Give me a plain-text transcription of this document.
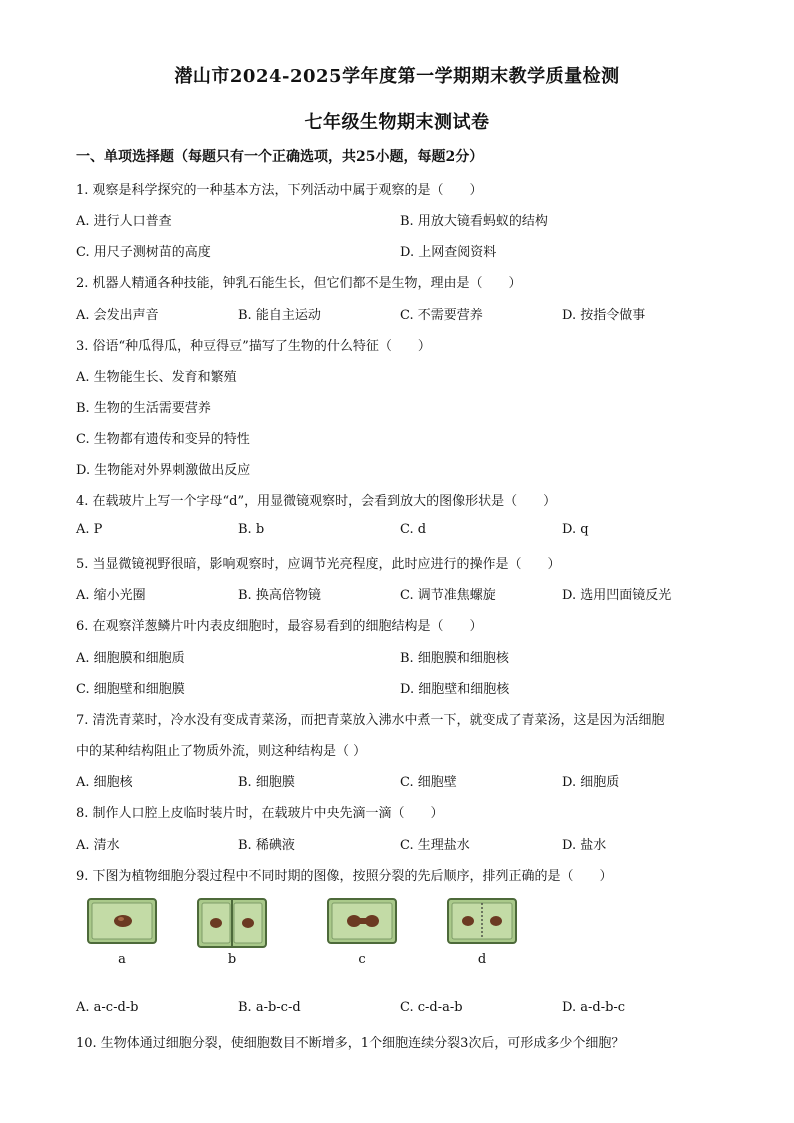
潜山市2024-2025学年度第一学期期末教学质量检测
七年级生物期末测试卷
一、单项选择题（每题只有一个正确选项，共25小题，每题2分）
1. 观察是科学探究的一种基本方法，下列活动中属于观察的是（　　）
A. 进行人口普查	B. 用放大镜看蚂蚁的结构
C. 用尺子测树苗的高度	D. 上网查阅资料
2. 机器人精通各种技能，钟乳石能生长，但它们都不是生物，理由是（　　）
A. 会发出声音	B. 能自主运动	C. 不需要营养	D. 按指令做事
3. 俗语“种瓜得瓜，种豆得豆”描写了生物的什么特征（　　）
A. 生物能生长、发育和繁殖
B. 生物的生活需要营养
C. 生物都有遗传和变异的特性
D. 生物能对外界刺激做出反应
4. 在载玻片上写一个字母“d”，用显微镜观察时，会看到放大的图像形状是（　　）
A. P	B. b	C. d	D. q
5. 当显微镜视野很暗，影响观察时，应调节光亮程度，此时应进行的操作是（　　）
A. 缩小光圈	B. 换高倍物镜	C. 调节准焦螺旋	D. 选用凹面镜反光
6. 在观察洋葱鳞片叶内表皮细胞时，最容易看到的细胞结构是（　　）
A. 细胞膜和细胞质	B. 细胞膜和细胞核
C. 细胞壁和细胞膜	D. 细胞壁和细胞核
7. 清洗青菜时，冷水没有变成青菜汤，而把青菜放入沸水中煮一下，就变成了青菜汤，这是因为活细胞
中的某种结构阻止了物质外流，则这种结构是（ ）
A. 细胞核	B. 细胞膜	C. 细胞壁	D. 细胞质
8. 制作人口腔上皮临时装片时，在载玻片中央先滴一滴（　　）
A. 清水	B. 稀碘液	C. 生理盐水	D. 盐水
9. 下图为植物细胞分裂过程中不同时期的图像，按照分裂的先后顺序，排列正确的是（　　）
a	b	c	d
A. a-c-d-b	B. a-b-c-d	C. c-d-a-b	D. a-d-b-c
10. 生物体通过细胞分裂，使细胞数目不断增多，1个细胞连续分裂3次后，可形成多少个细胞？
